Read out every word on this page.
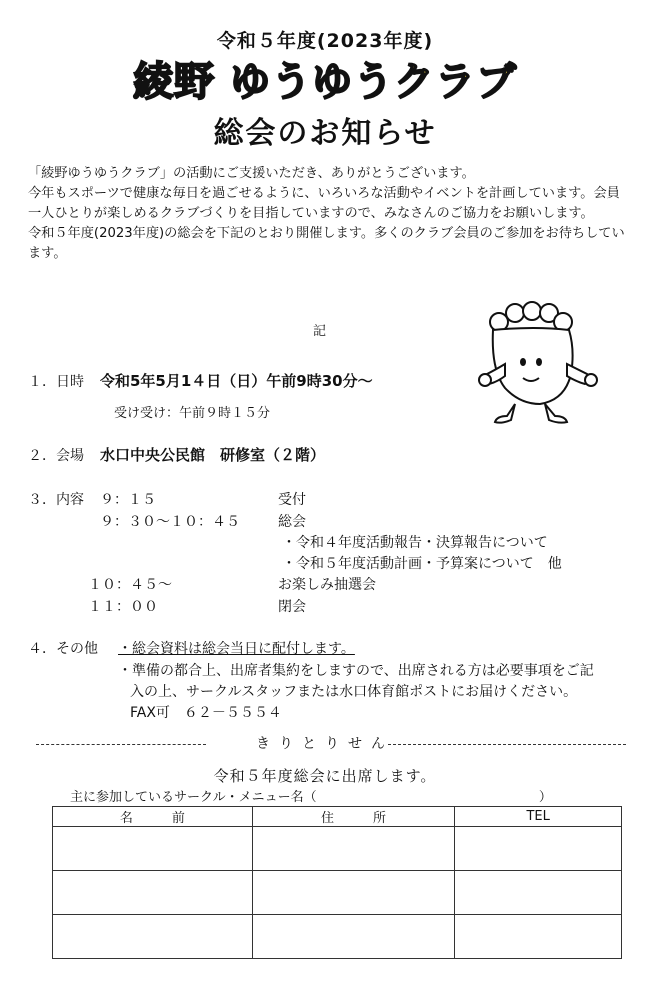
令和５年度(2023年度)
綾野 ゆうゆうクラブ
総会のお知らせ

「綾野ゆうゆうクラブ」の活動にご支援いただき、ありがとうございます。

今年もスポーツで健康な毎日を過ごせるように、いろいろな活動やイベントを計画しています。会員一人ひとりが楽しめるクラブづくりを目指していますので、みなさんのご協力をお願いします。

令和５年度(2023年度)の総会を下記のとおり開催します。多くのクラブ会員のご参加をお待ちしています。

記
１．日時 令和5年5月1４日（日）午前9時30分～
受け受け：午前９時１５分
２．会場 水口中央公民館　研修室（２階）
３．内容 ９：１５	受付
９：３０～１０：４５	総会
・令和４年度活動報告・決算報告について
・令和５年度活動計画・予算案について　他
１０：４５～	お楽しみ抽選会
１１：００	閉会
４．その他 ・総会資料は総会当日に配付します。
・準備の都合上、出席者集約をしますので、出席される方は必要事項をご記
入の上、サークルスタッフまたは水口体育館ポストにお届けください。
FAX可　６２－５５５４
きりとりせん
令和５年度総会に出席します。
主に参加しているサークル・メニュー名（	）
名　　　前	住　　　所	TEL
